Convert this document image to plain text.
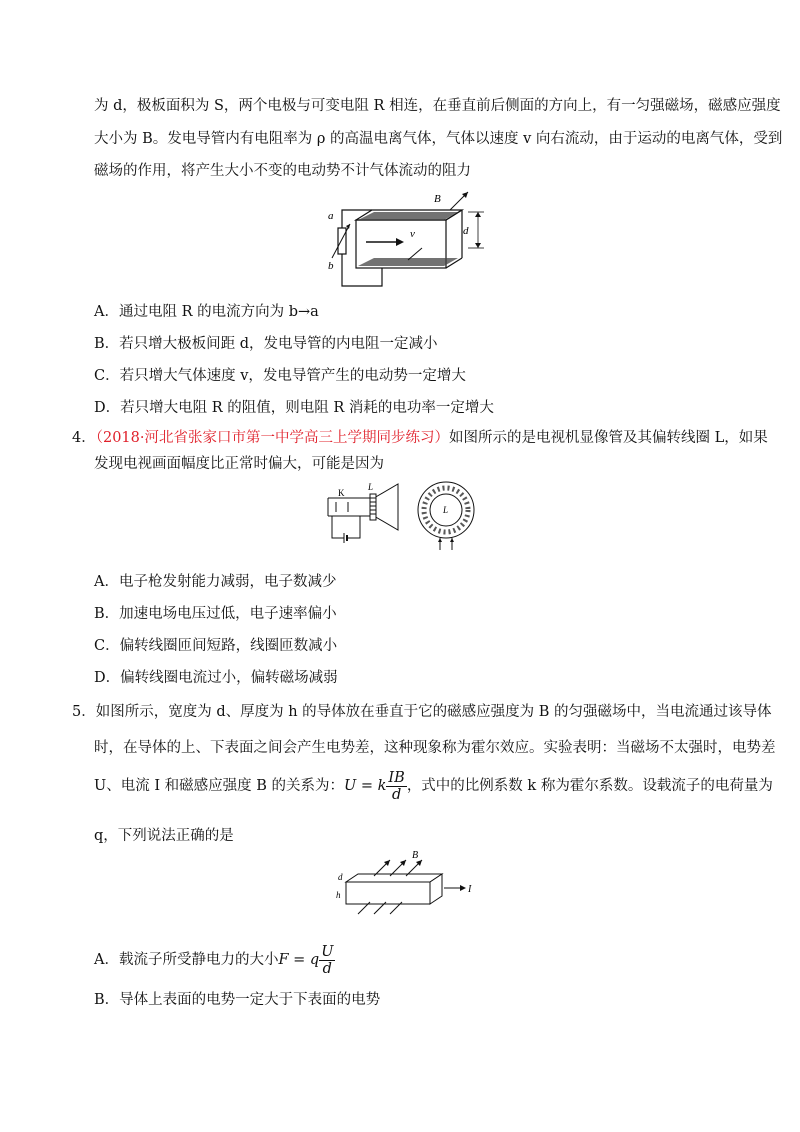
为 d，极板面积为 S，两个电极与可变电阻 R 相连，在垂直前后侧面的方向上，有一匀强磁场，磁感应强度
大小为 B。发电导管内有电阻率为 ρ 的高温电离气体，气体以速度 v 向右流动，由于运动的电离气体，受到
磁场的作用，将产生大小不变的电动势不计气体流动的阻力
a
b
v
B
d
A．通过电阻 R 的电流方向为 b→a
B．若只增大极板间距 d，发电导管的内电阻一定减小
C．若只增大气体速度 v，发电导管产生的电动势一定增大
D．若只增大电阻 R 的阻值，则电阻 R 消耗的电功率一定增大
4．（2018·河北省张家口市第一中学高三上学期同步练习）如图所示的是电视机显像管及其偏转线圈 L，如果
发现电视画面幅度比正常时偏大，可能是因为
K
L
L
A．电子枪发射能力减弱，电子数减少
B．加速电场电压过低，电子速率偏小
C．偏转线圈匝间短路，线圈匝数减小
D．偏转线圈电流过小，偏转磁场减弱
5．如图所示，宽度为 d、厚度为 h 的导体放在垂直于它的磁感应强度为 B 的匀强磁场中，当电流通过该导体
时，在导体的上、下表面之间会产生电势差，这种现象称为霍尔效应。实验表明：当磁场不太强时，电势差
U、电流 I 和磁感应强度 B 的关系为：U = k $\frac{IB}{d}$ ，式中的比例系数 k 称为霍尔系数。设载流子的电荷量为
q，下列说法正确的是
B
d
h	I
A．载流子所受静电力的大小F = q $\frac{U}{d}$
B．导体上表面的电势一定大于下表面的电势
